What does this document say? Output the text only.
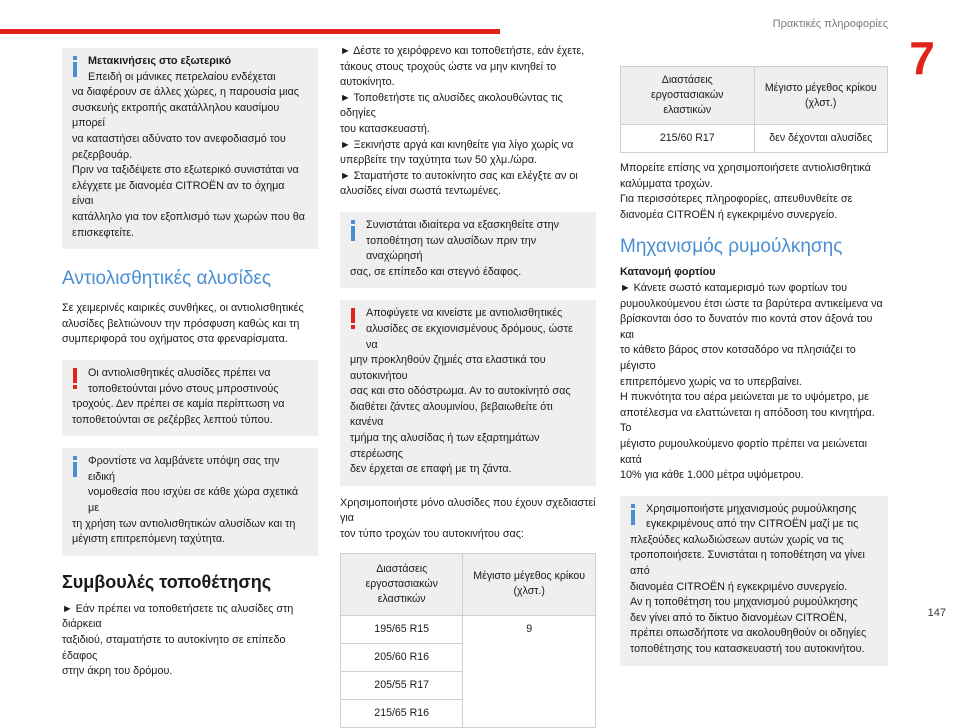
Πρακτικές πληροφορίες
7
147
Μετακινήσεις στο εξωτερικό
Επειδή οι μάνικες πετρελαίου ενδέχεται
να διαφέρουν σε άλλες χώρες, η παρουσία μιας
συσκευής εκτροπής ακατάλληλου καυσίμου μπορεί
να καταστήσει αδύνατο τον ανεφοδιασμό του
ρεζερβουάρ.
Πριν να ταξιδέψετε στο εξωτερικό συνιστάται να
ελέγχετε με διανομέα CITROËN αν το όχημα είναι
κατάλληλο για τον εξοπλισμό των χωρών που θα
επισκεφτείτε.
Αντιολισθητικές αλυσίδες
Σε χειμερινές καιρικές συνθήκες, οι αντιολισθητικές
αλυσίδες βελτιώνουν την πρόσφυση καθώς και τη
συμπεριφορά του οχήματος στα φρεναρίσματα.
Οι αντιολισθητικές αλυσίδες πρέπει να
τοποθετούνται μόνο στους μπροστινούς
τροχούς. Δεν πρέπει σε καμία περίπτωση να
τοποθετούνται σε ρεζέρβες λεπτού τύπου.
Φροντίστε να λαμβάνετε υπόψη σας την ειδική
νομοθεσία που ισχύει σε κάθε χώρα σχετικά με
τη χρήση των αντιολισθητικών αλυσίδων και τη
μέγιστη επιτρεπόμενη ταχύτητα.
Συμβουλές τοποθέτησης
► Εάν πρέπει να τοποθετήσετε τις αλυσίδες στη διάρκεια
ταξιδιού, σταματήστε το αυτοκίνητο σε επίπεδο έδαφος
στην άκρη του δρόμου.
► Δέστε το χειρόφρενο και τοποθετήστε, εάν έχετε,
τάκους στους τροχούς ώστε να μην κινηθεί το αυτοκίνητο.
► Τοποθετήστε τις αλυσίδες ακολουθώντας τις οδηγίες
του κατασκευαστή.
► Ξεκινήστε αργά και κινηθείτε για λίγο χωρίς να
υπερβείτε την ταχύτητα των 50 χλμ./ώρα.
► Σταματήστε το αυτοκίνητο σας και ελέγξτε αν οι
αλυσίδες είναι σωστά τεντωμένες.
Συνιστάται ιδιαίτερα να εξασκηθείτε στην
τοποθέτηση των αλυσίδων πριν την αναχώρησή
σας, σε επίπεδο και στεγνό έδαφος.
Αποφύγετε να κινείστε με αντιολισθητικές
αλυσίδες σε εκχιονισμένους δρόμους, ώστε να
μην προκληθούν ζημιές στα ελαστικά του αυτοκινήτου
σας και στο οδόστρωμα. Αν το αυτοκίνητό σας
διαθέτει ζάντες αλουμινίου, βεβαιωθείτε ότι κανένα
τμήμα της αλυσίδας ή των εξαρτημάτων στερέωσης
δεν έρχεται σε επαφή με τη ζάντα.
Χρησιμοποιήστε μόνο αλυσίδες που έχουν σχεδιαστεί για
τον τύπο τροχών του αυτοκινήτου σας:
Διαστάσεις εργοστασιακών ελαστικών	Μέγιστο μέγεθος κρίκου (χλστ.)
195/65 R15	9
205/60 R16	
205/55 R17	
215/65 R16	
Διαστάσεις εργοστασιακών ελαστικών	Μέγιστο μέγεθος κρίκου (χλστ.)
215/60 R17	δεν δέχονται αλυσίδες
Μπορείτε επίσης να χρησιμοποιήσετε αντιολισθητικά
καλύμματα τροχών.
Για περισσότερες πληροφορίες, απευθυνθείτε σε
διανομέα CITROËN ή εγκεκριμένο συνεργείο.
Μηχανισμός ρυμούλκησης
Κατανομή φορτίου
► Κάνετε σωστό καταμερισμό των φορτίων του
ρυμουλκούμενου έτσι ώστε τα βαρύτερα αντικείμενα να
βρίσκονται όσο το δυνατόν πιο κοντά στον άξονά του και
το κάθετο βάρος στον κοτσαδόρο να πλησιάζει το μέγιστο
επιτρεπόμενο χωρίς να το υπερβαίνει.
Η πυκνότητα του αέρα μειώνεται με το υψόμετρο, με
αποτέλεσμα να ελαττώνεται η απόδοση του κινητήρα. Το
μέγιστο ρυμουλκούμενο φορτίο πρέπει να μειώνεται κατά
10% για κάθε 1.000 μέτρα υψόμετρου.
Χρησιμοποιήστε μηχανισμούς ρυμούλκησης
εγκεκριμένους από την CITROËN μαζί με τις
πλεξούδες καλωδιώσεων αυτών χωρίς να τις
τροποποιήσετε. Συνιστάται η τοποθέτηση να γίνει από
διανομέα CITROËN ή εγκεκριμένο συνεργείο.
Αν η τοποθέτηση του μηχανισμού ρυμούλκησης
δεν γίνει από το δίκτυο διανομέων CITROËN,
πρέπει οπωσδήποτε να ακολουθηθούν οι οδηγίες
τοποθέτησης του κατασκευαστή του αυτοκινήτου.
